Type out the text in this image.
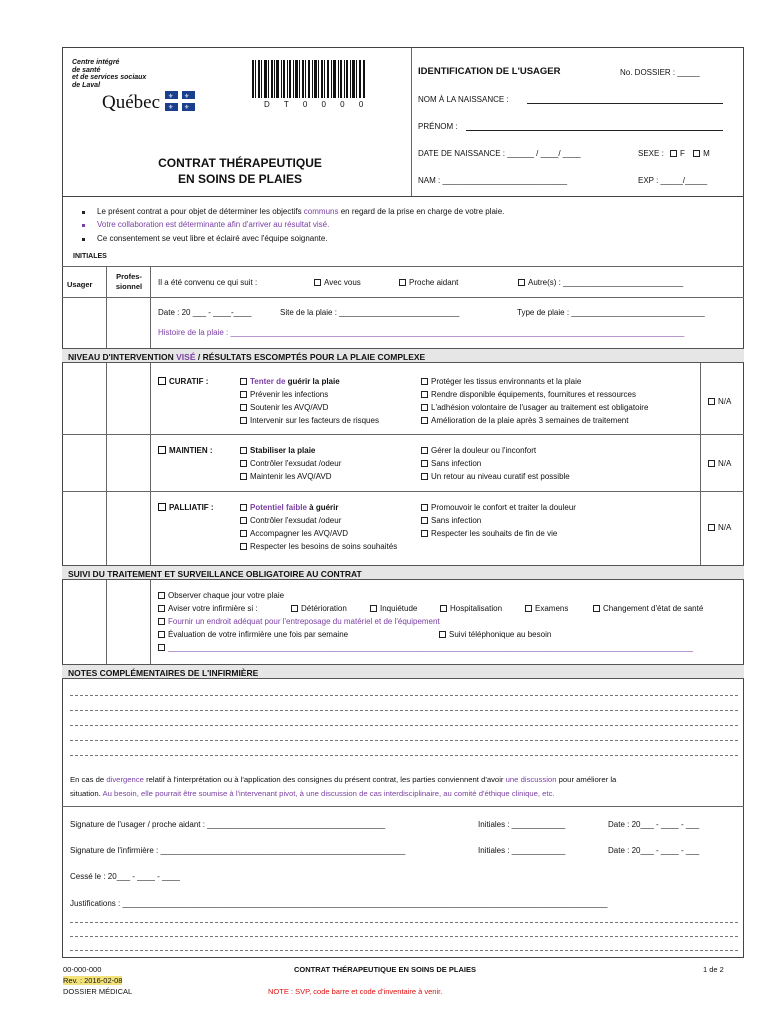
Centre intégré
de santé
et de services sociaux
de Laval
Québec ⚜ ⚜
⚜ ⚜	D T 0 0 0 0
CONTRAT THÉRAPEUTIQUE
EN SOINS DE PLAIES
IDENTIFICATION DE L'USAGER	No. DOSSIER : _____
NOM À LA NAISSANCE :
PRÉNOM :
DATE DE NAISSANCE : ______ / ____/ ____	SEXE : F M
NAM : ____________________________	EXP : _____/_____
Le présent contrat a pour objet de déterminer les objectifs communs en regard de la prise en charge de votre plaie.
Votre collaboration est déterminante afin d'arriver au résultat visé.
Ce consentement se veut libre et éclairé avec l'équipe soignante.
INITIALES
Usager
Profes-
sionnel	Il a été convenu ce qui suit :	Avec vous	Proche aidant	Autre(s) : ___________________________
Date : 20 ___ - ____-____	Site de la plaie : ___________________________	Type de plaie : ______________________________
Histoire de la plaie : ______________________________________________________________________________________________________
NIVEAU D'INTERVENTION VISÉ / RÉSULTATS ESCOMPTÉS POUR LA PLAIE COMPLEXE
CURATIF :	Tenter de guérir la plaie
Prévenir les infections
Soutenir les AVQ/AVD
Intervenir sur les facteurs de risques
Protéger les tissus environnants et la plaie
Rendre disponible équipements, fournitures et ressources
L'adhésion volontaire de l'usager au traitement est obligatoire
Amélioration de la plaie après 3 semaines de traitement
N/A
MAINTIEN :	Stabiliser la plaie
Contrôler l'exsudat /odeur
Maintenir les AVQ/AVD
Gérer la douleur ou l'inconfort
Sans infection
Un retour au niveau curatif est possible
N/A
PALLIATIF :	Potentiel faible à guérir
Contrôler l'exsudat /odeur
Accompagner les AVQ/AVD
Respecter les besoins de soins souhaités
Promouvoir le confort et traiter la douleur
Sans infection
Respecter les souhaits de fin de vie
N/A
SUIVI DU TRAITEMENT ET SURVEILLANCE OBLIGATOIRE AU CONTRAT
Observer chaque jour votre plaie
Aviser votre infirmière si :	Détérioration	Inquiétude	Hospitalisation	Examens	Changement d'état de santé
Fournir un endroit adéquat pour l'entreposage du matériel et de l'équipement
Évaluation de votre infirmière une fois par semaine	Suivi téléphonique au besoin
______________________________________________________________________________________________________________________
NOTES COMPLÉMENTAIRES DE L'INFIRMIÈRE
En cas de divergence relatif à l'interprétation ou à l'application des consignes du présent contrat, les parties conviennent d'avoir une discussion pour améliorer la
situation. Au besoin, elle pourrait être soumise à l'intervenant pivot, à une discussion de cas interdisciplinaire, au comité d'éthique clinique, etc.
Signature de l'usager / proche aidant : ________________________________________	Initiales : ____________	Date : 20___ - ____ - ___
Signature de l'infirmière : _______________________________________________________	Initiales : ____________	Date : 20___ - ____ - ___
Cessé le : 20___ - ____ - ____
Justifications : _____________________________________________________________________________________________________________
00-000-000
Rev. : 2016-02-08
DOSSIER MÉDICAL
CONTRAT THÉRAPEUTIQUE EN SOINS DE PLAIES
NOTE : SVP, code barre et code d'inventaire à venir.
1 de 2
